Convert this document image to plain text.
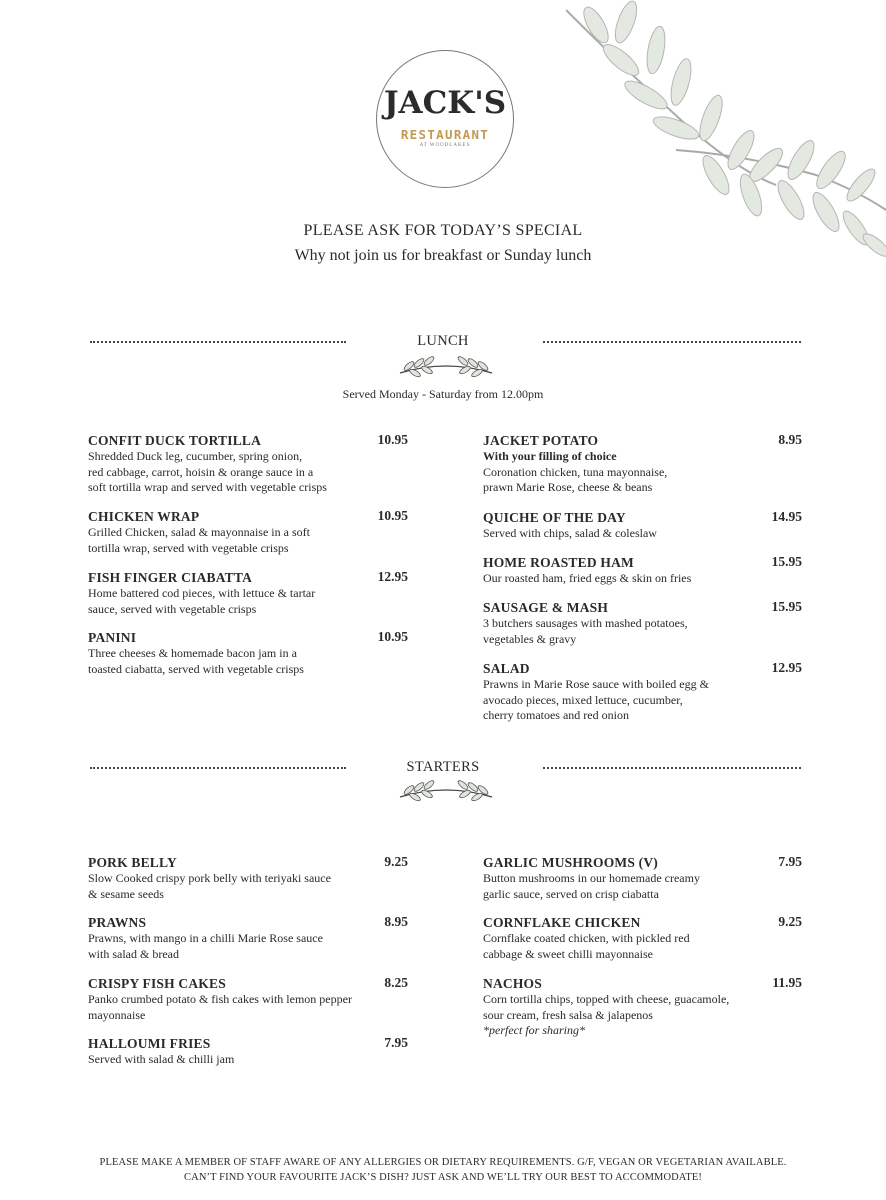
JACK'S
RESTAURANT
AT WOODLAKES
PLEASE ASK FOR TODAY’S SPECIAL
Why not join us for breakfast or Sunday lunch
LUNCH
Served Monday - Saturday from 12.00pm
CONFIT DUCK TORTILLA
Shredded Duck leg, cucumber, spring onion,
red cabbage, carrot, hoisin & orange sauce in a
soft tortilla wrap and served with vegetable crisps
10.95
CHICKEN WRAP
Grilled Chicken, salad & mayonnaise in a soft
tortilla wrap, served with vegetable crisps
10.95
FISH FINGER CIABATTA
Home battered cod pieces, with lettuce & tartar
sauce, served with vegetable crisps
12.95
PANINI
Three cheeses & homemade bacon jam in a
toasted ciabatta, served with vegetable crisps
10.95
JACKET POTATO
With your filling of choice
Coronation chicken, tuna mayonnaise,
prawn Marie Rose, cheese & beans
8.95
QUICHE OF THE DAY
Served with chips, salad & coleslaw
14.95
HOME ROASTED HAM
Our roasted ham, fried eggs & skin on fries
15.95
SAUSAGE & MASH
3 butchers sausages with mashed potatoes,
vegetables & gravy
15.95
SALAD
Prawns in Marie Rose sauce with boiled egg &
avocado pieces, mixed lettuce, cucumber,
cherry tomatoes and red onion
12.95
STARTERS
PORK BELLY
Slow Cooked crispy pork belly with teriyaki sauce
& sesame seeds
9.25
PRAWNS
Prawns, with mango in a chilli Marie Rose sauce
with salad & bread
8.95
CRISPY FISH CAKES
Panko crumbed potato & fish cakes with lemon pepper
mayonnaise
8.25
HALLOUMI FRIES
Served with salad & chilli jam
7.95
GARLIC MUSHROOMS (V)
Button mushrooms in our homemade creamy
garlic sauce, served on crisp ciabatta
7.95
CORNFLAKE CHICKEN
Cornflake coated chicken, with pickled red
cabbage & sweet chilli mayonnaise
9.25
NACHOS
Corn tortilla chips, topped with cheese, guacamole,
sour cream, fresh salsa & jalapenos
*perfect for sharing*
11.95
PLEASE MAKE A MEMBER OF STAFF AWARE OF ANY ALLERGIES OR DIETARY REQUIREMENTS. G/F, VEGAN OR VEGETARIAN AVAILABLE.
CAN’T FIND YOUR FAVOURITE JACK’S DISH? JUST ASK AND WE’LL TRY OUR BEST TO ACCOMMODATE!
